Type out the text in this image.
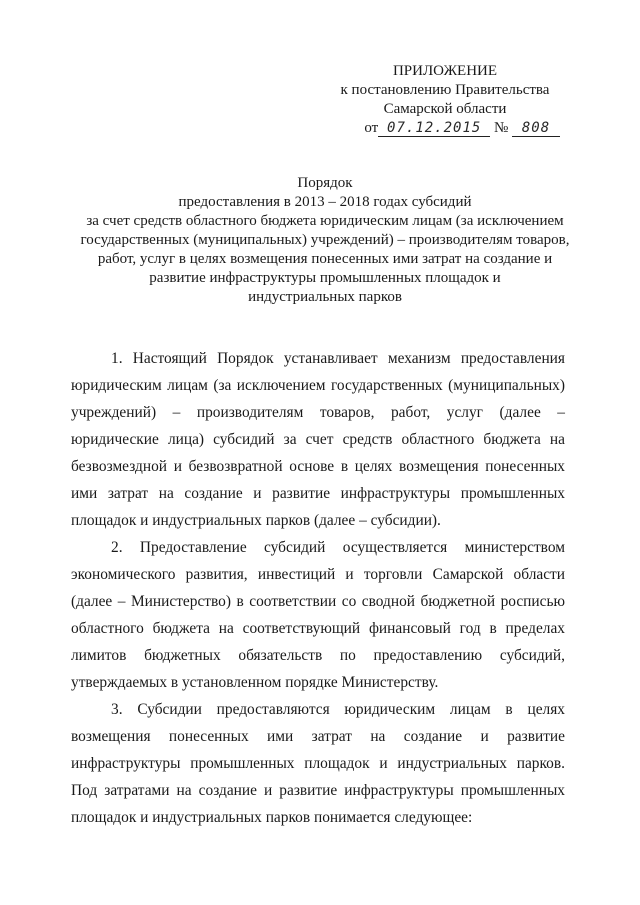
ПРИЛОЖЕНИЕ
к постановлению Правительства
Самарской области
от 07.12.2015 № 808
Порядок
предоставления в 2013 – 2018 годах субсидий
за счет средств областного бюджета юридическим лицам (за исключением
государственных (муниципальных) учреждений) – производителям товаров,
работ, услуг в целях возмещения понесенных ими затрат на создание и
развитие инфраструктуры промышленных площадок и
индустриальных парков

1. Настоящий Порядок устанавливает механизм предоставления юридическим лицам (за исключением государственных (муниципальных) учреждений) – производителям товаров, работ, услуг (далее – юридические лица) субсидий за счет средств областного бюджета на безвозмездной и безвозвратной основе в целях возмещения понесенных ими затрат на создание и развитие инфраструктуры промышленных площадок и индустриальных парков (далее – субсидии).

2. Предоставление субсидий осуществляется министерством экономического развития, инвестиций и торговли Самарской области (далее – Министерство) в соответствии со сводной бюджетной росписью областного бюджета на соответствующий финансовый год в пределах лимитов бюджетных обязательств по предоставлению субсидий, утверждаемых в установленном порядке Министерству.

3. Субсидии предоставляются юридическим лицам в целях возмещения понесенных ими затрат на создание и развитие инфраструктуры промышленных площадок и индустриальных парков. Под затратами на создание и развитие инфраструктуры промышленных площадок и индустриальных парков понимается следующее:
